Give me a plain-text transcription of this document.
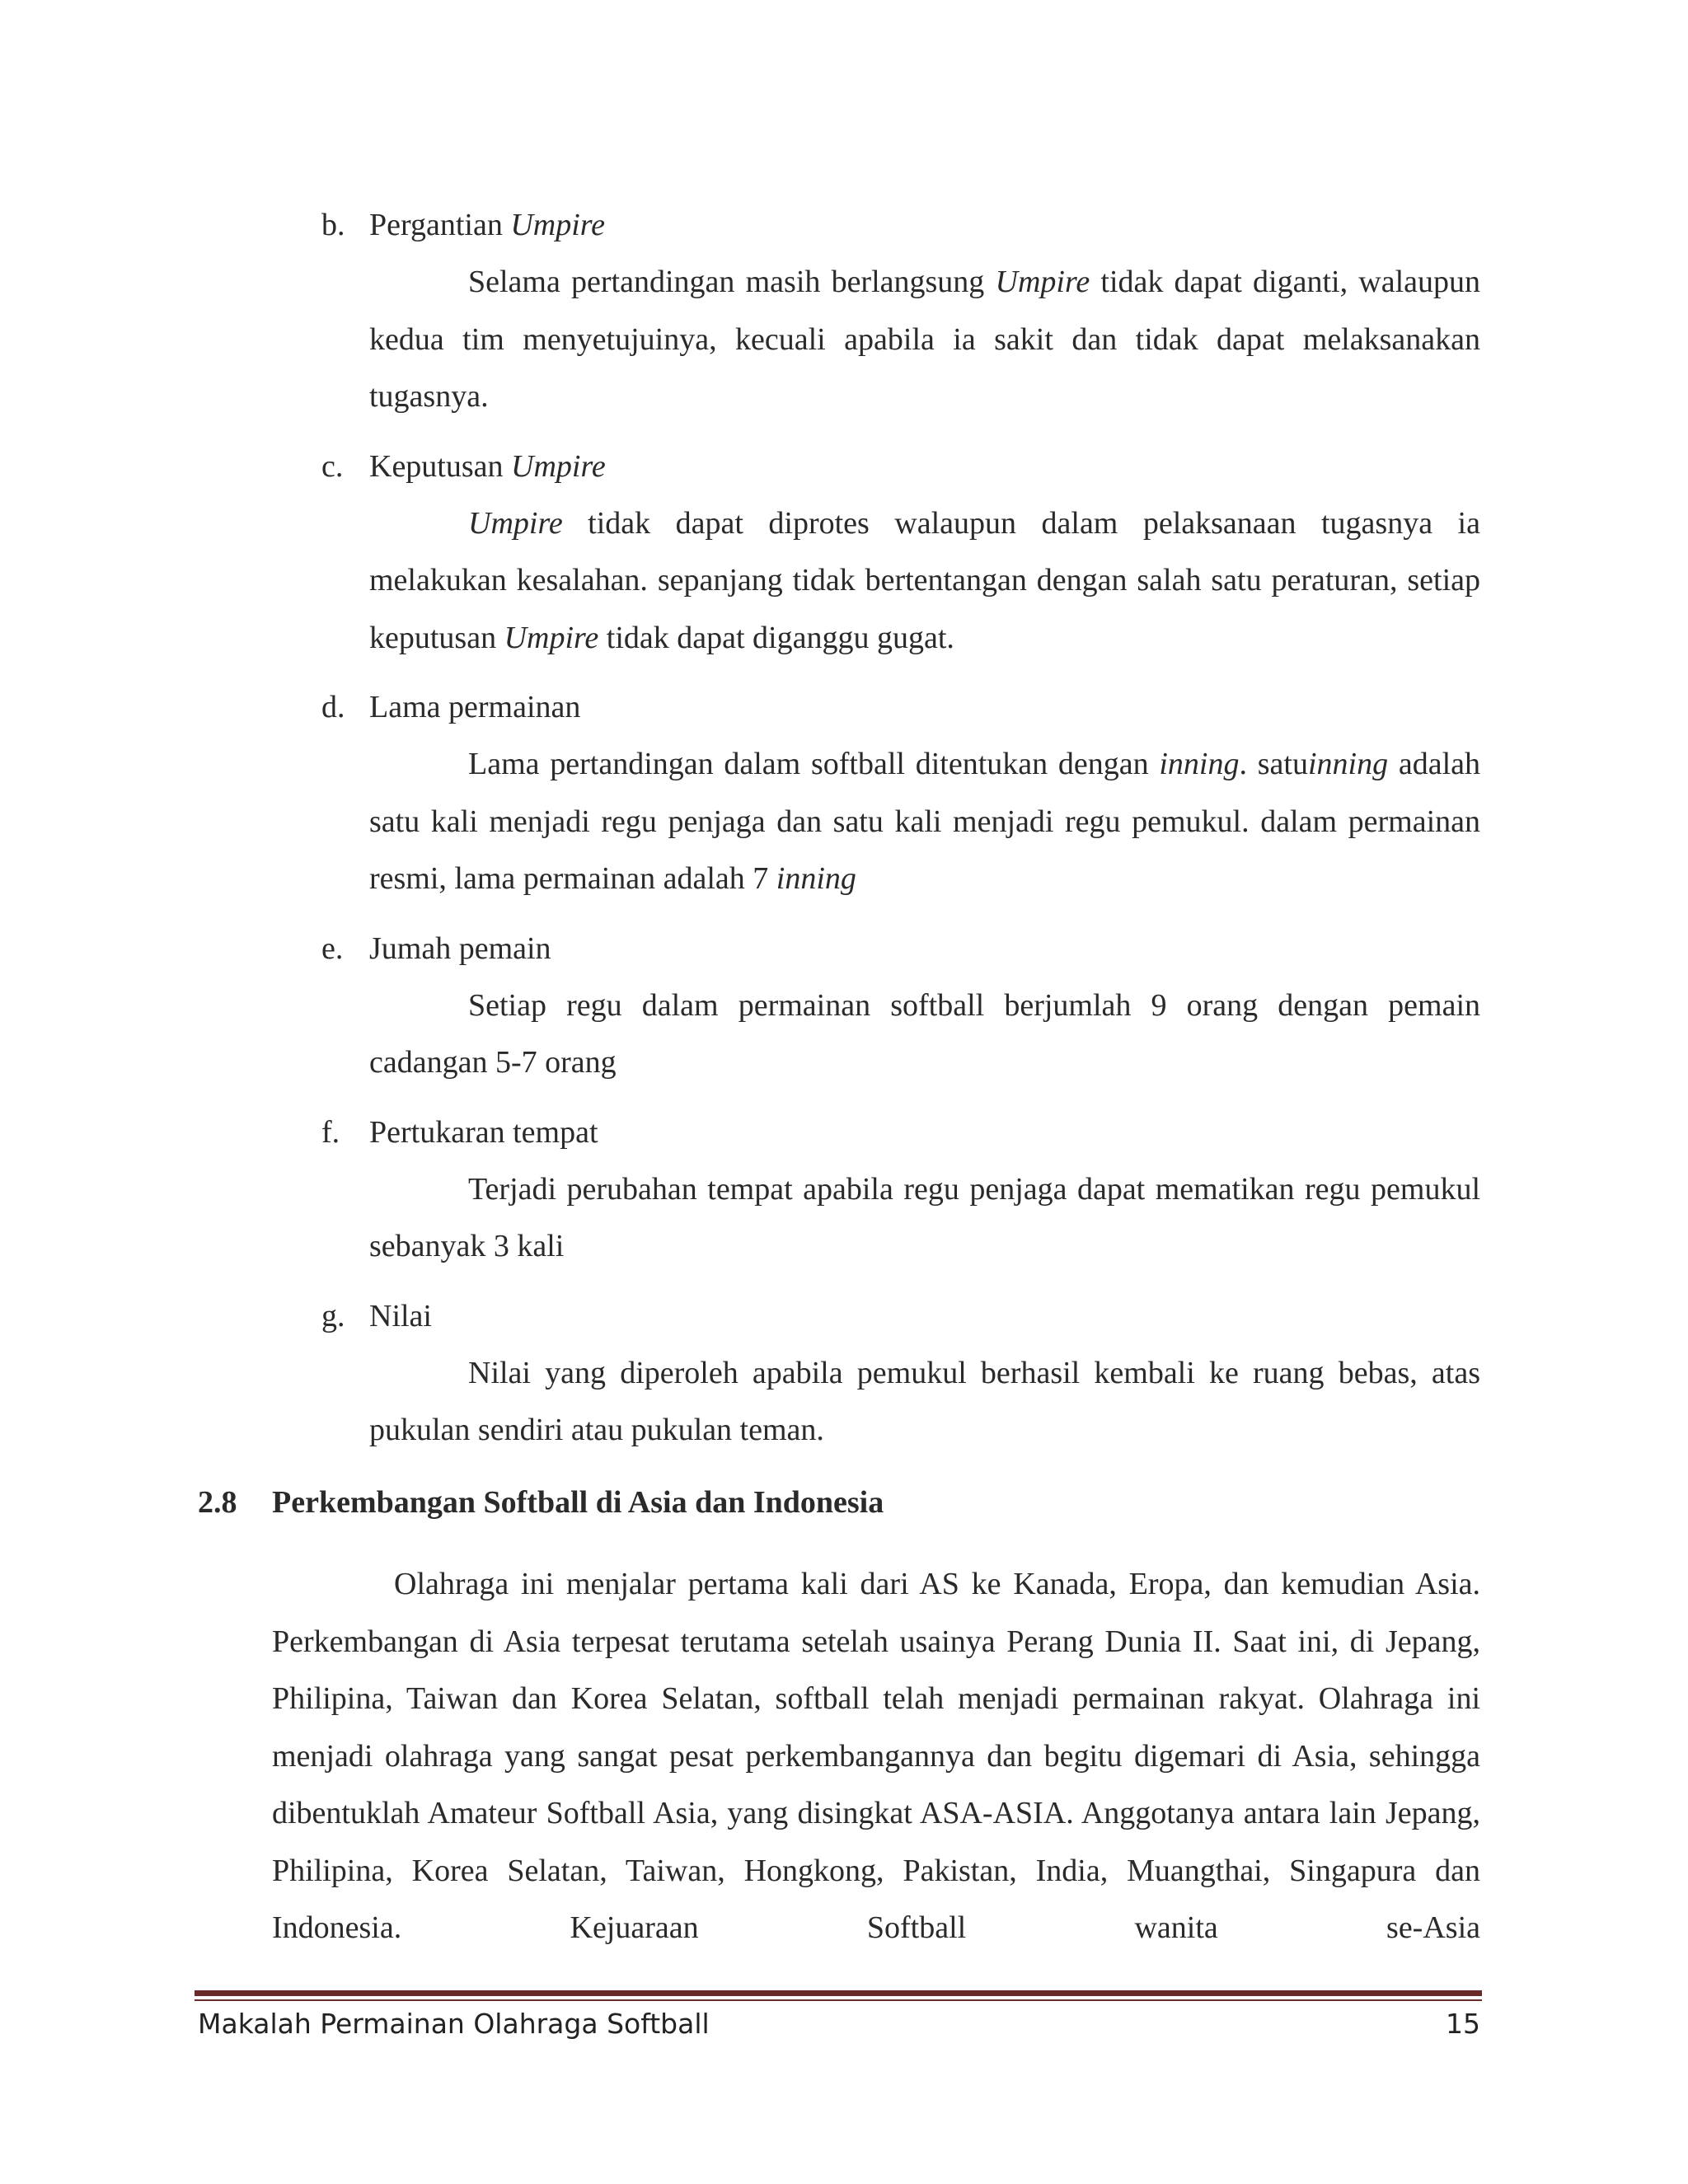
b. Pergantian Umpire

Selama pertandingan masih berlangsung Umpire tidak dapat diganti, walaupun kedua tim menyetujuinya, kecuali apabila ia sakit dan tidak dapat melaksanakan tugasnya.

c. Keputusan Umpire

Umpire tidak dapat diprotes walaupun dalam pelaksanaan tugasnya ia melakukan kesalahan. sepanjang tidak bertentangan dengan salah satu peraturan, setiap keputusan Umpire tidak dapat diganggu gugat.

d. Lama permainan

Lama pertandingan dalam softball ditentukan dengan inning. satuinning adalah satu kali menjadi regu penjaga dan satu kali menjadi regu pemukul. dalam permainan resmi, lama permainan adalah 7 inning

e. Jumah pemain

Setiap regu dalam permainan softball berjumlah 9 orang dengan pemain cadangan 5-7 orang

f. Pertukaran tempat

Terjadi perubahan tempat apabila regu penjaga dapat mematikan regu pemukul sebanyak 3 kali

g. Nilai

Nilai yang diperoleh apabila pemukul berhasil kembali ke ruang bebas, atas pukulan sendiri atau pukulan teman.

2.8 Perkembangan Softball di Asia dan Indonesia

Olahraga ini menjalar pertama kali dari AS ke Kanada, Eropa, dan kemudian Asia. Perkembangan di Asia terpesat terutama setelah usainya Perang Dunia II. Saat ini, di Jepang, Philipina, Taiwan dan Korea Selatan, softball telah menjadi permainan rakyat. Olahraga ini menjadi olahraga yang sangat pesat perkembangannya dan begitu digemari di Asia, sehingga dibentuklah Amateur Softball Asia, yang disingkat ASA-ASIA. Anggotanya antara lain Jepang, Philipina, Korea Selatan, Taiwan, Hongkong, Pakistan, India, Muangthai, Singapura dan Indonesia. Kejuaraan Softball wanita se-Asia

Makalah Permainan Olahraga Softball	15
